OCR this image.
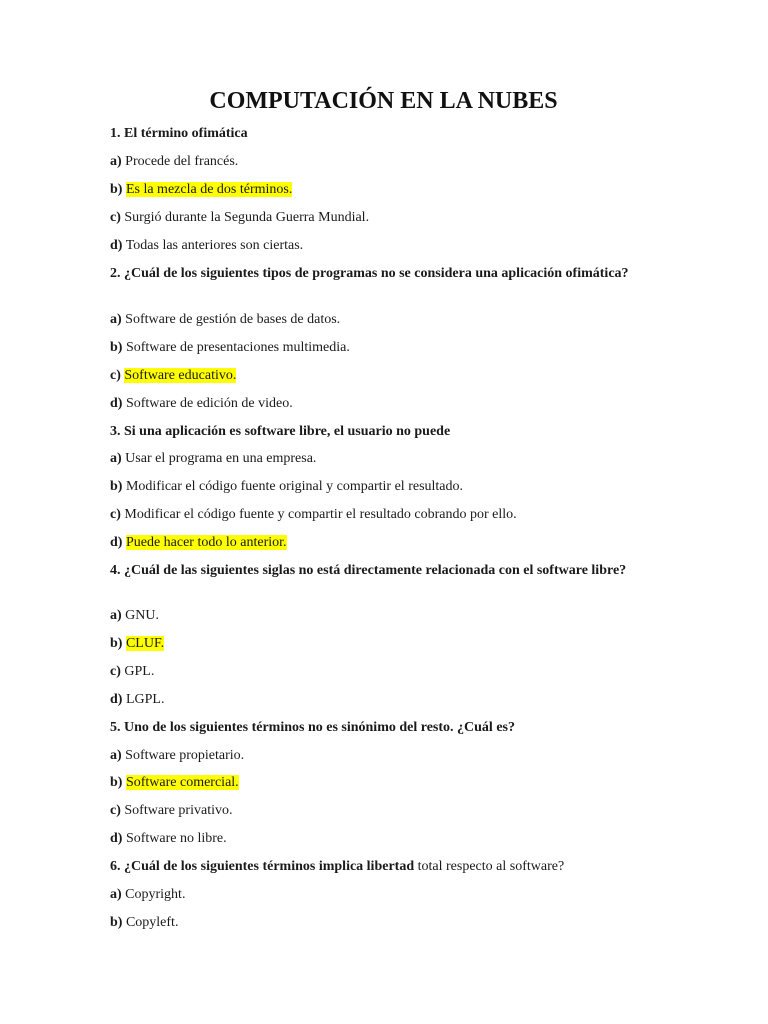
COMPUTACIÓN EN LA NUBES
1. El término ofimática
a) Procede del francés.
b) Es la mezcla de dos términos.
c) Surgió durante la Segunda Guerra Mundial.
d) Todas las anteriores son ciertas.
2. ¿Cuál de los siguientes tipos de programas no se considera una aplicación ofimática?
a) Software de gestión de bases de datos.
b) Software de presentaciones multimedia.
c) Software educativo.
d) Software de edición de video.
3. Si una aplicación es software libre, el usuario no puede
a) Usar el programa en una empresa.
b) Modificar el código fuente original y compartir el resultado.
c) Modificar el código fuente y compartir el resultado cobrando por ello.
d) Puede hacer todo lo anterior.
4. ¿Cuál de las siguientes siglas no está directamente relacionada con el software libre?
a) GNU.
b) CLUF.
c) GPL.
d) LGPL.
5. Uno de los siguientes términos no es sinónimo del resto. ¿Cuál es?
a) Software propietario.
b) Software comercial.
c) Software privativo.
d) Software no libre.
6. ¿Cuál de los siguientes términos implica libertad total respecto al software?
a) Copyright.
b) Copyleft.
